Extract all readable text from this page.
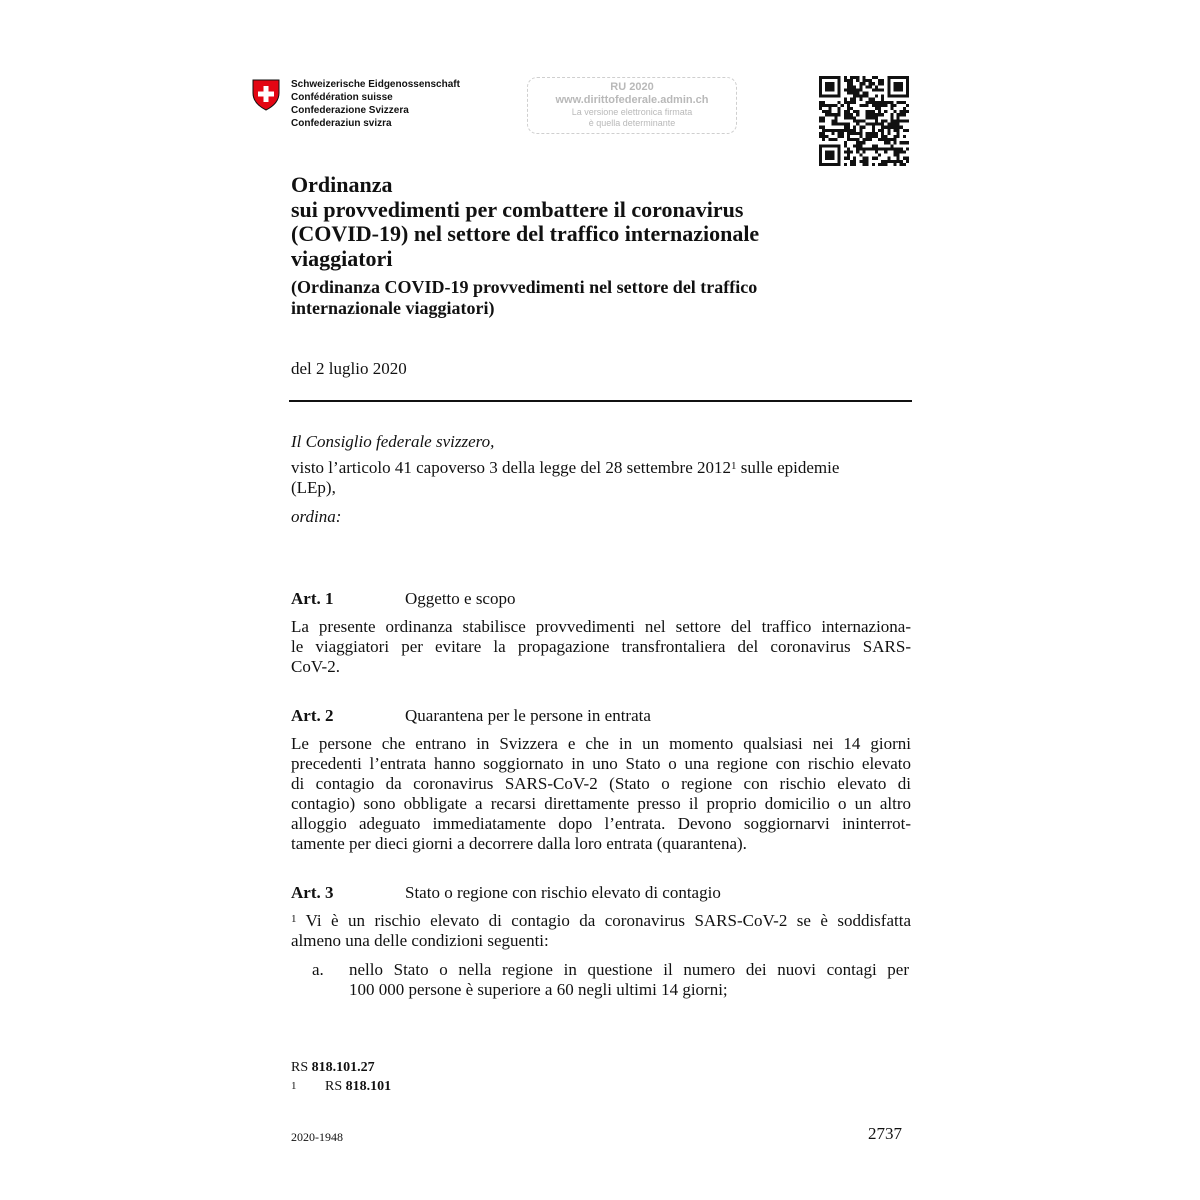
Schweizerische Eidgenossenschaft
Confédération suisse
Confederazione Svizzera
Confederaziun svizra
RU 2020
www.dirittofederale.admin.ch
La versione elettronica firmata
è quella determinante
Ordinanza
sui provvedimenti per combattere il coronavirus
(COVID-19) nel settore del traffico internazionale
viaggiatori
(Ordinanza COVID-19 provvedimenti nel settore del traffico
internazionale viaggiatori)
del 2 luglio 2020
Il Consiglio federale svizzero,
visto l’articolo 41 capoverso 3 della legge del 28 settembre 2012$^1$ sulle epidemie
(LEp),
ordina:
Art. 1	Oggetto e scopo
La presente ordinanza stabilisce provvedimenti nel settore del traffico internaziona-
le viaggiatori per evitare la propagazione transfrontaliera del coronavirus SARS-
CoV-2.
Art. 2	Quarantena per le persone in entrata
Le persone che entrano in Svizzera e che in un momento qualsiasi nei 14 giorni
precedenti l’entrata hanno soggiornato in uno Stato o una regione con rischio elevato
di contagio da coronavirus SARS-CoV-2 (Stato o regione con rischio elevato di
contagio) sono obbligate a recarsi direttamente presso il proprio domicilio o un altro
alloggio adeguato immediatamente dopo l’entrata. Devono soggiornarvi ininterrot-
tamente per dieci giorni a decorrere dalla loro entrata (quarantena).
Art. 3	Stato o regione con rischio elevato di contagio
$^1$ Vi è un rischio elevato di contagio da coronavirus SARS-CoV-2 se è soddisfatta
almeno una delle condizioni seguenti:
a. nello Stato o nella regione in questione il numero dei nuovi contagi per
100 000 persone è superiore a 60 negli ultimi 14 giorni;
RS 818.101.27
1 RS 818.101
2020-1948	2737
